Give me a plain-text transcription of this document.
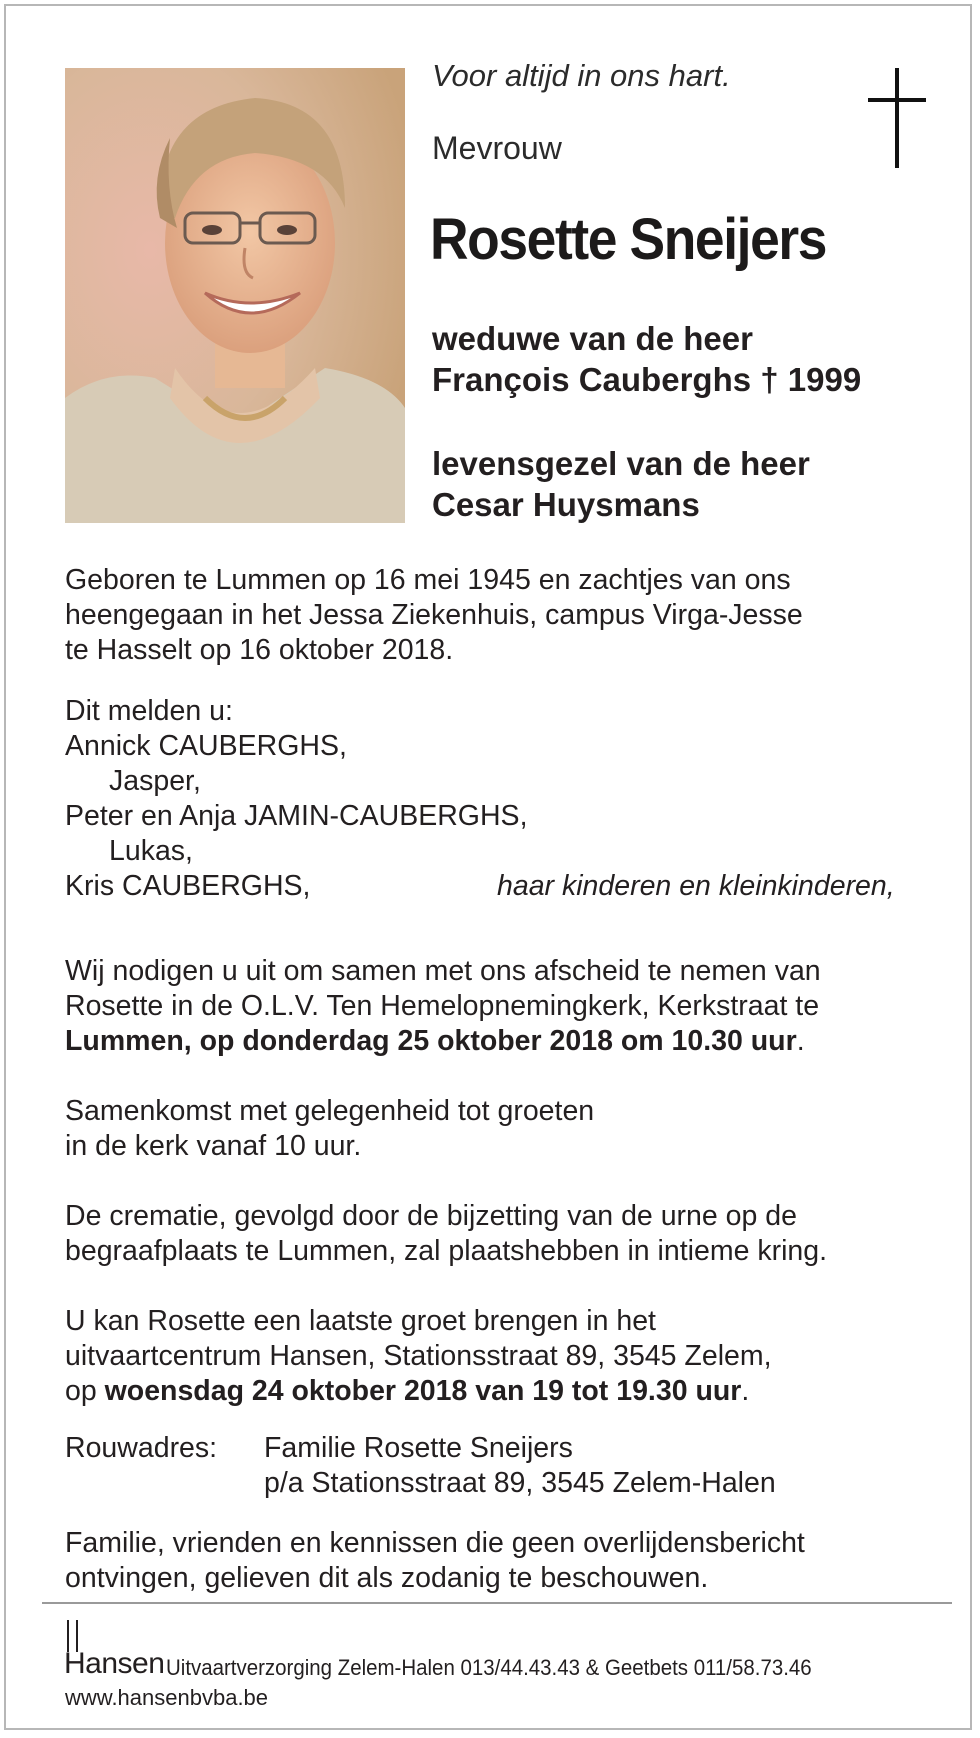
Voor altijd in ons hart.
Mevrouw
Rosette Sneijers
weduwe van de heer
François Cauberghs † 1999
levensgezel van de heer
Cesar Huysmans
Geboren te Lummen op 16 mei 1945 en zachtjes van ons
heengegaan in het Jessa Ziekenhuis, campus Virga-Jesse
te Hasselt op 16 oktober 2018.
Dit melden u:
Annick CAUBERGHS,
Jasper,
Peter en Anja JAMIN-CAUBERGHS,
Lukas,
Kris CAUBERGHS,	haar kinderen en kleinkinderen,
Wij nodigen u uit om samen met ons afscheid te nemen van
Rosette in de O.L.V. Ten Hemelopnemingkerk, Kerkstraat te
Lummen, op donderdag 25 oktober 2018 om 10.30 uur.
Samenkomst met gelegenheid tot groeten
in de kerk vanaf 10 uur.
De crematie, gevolgd door de bijzetting van de urne op de
begraafplaats te Lummen, zal plaatshebben in intieme kring.
U kan Rosette een laatste groet brengen in het
uitvaartcentrum Hansen, Stationsstraat 89, 3545 Zelem,
op woensdag 24 oktober 2018 van 19 tot 19.30 uur.
Rouwadres: Familie Rosette Sneijers
p/a Stationsstraat 89, 3545 Zelem-Halen
Familie, vrienden en kennissen die geen overlijdensbericht
ontvingen, gelieven dit als zodanig te beschouwen.
Hansen Uitvaartverzorging Zelem-Halen 013/44.43.43 & Geetbets 011/58.73.46
www.hansenbvba.be
